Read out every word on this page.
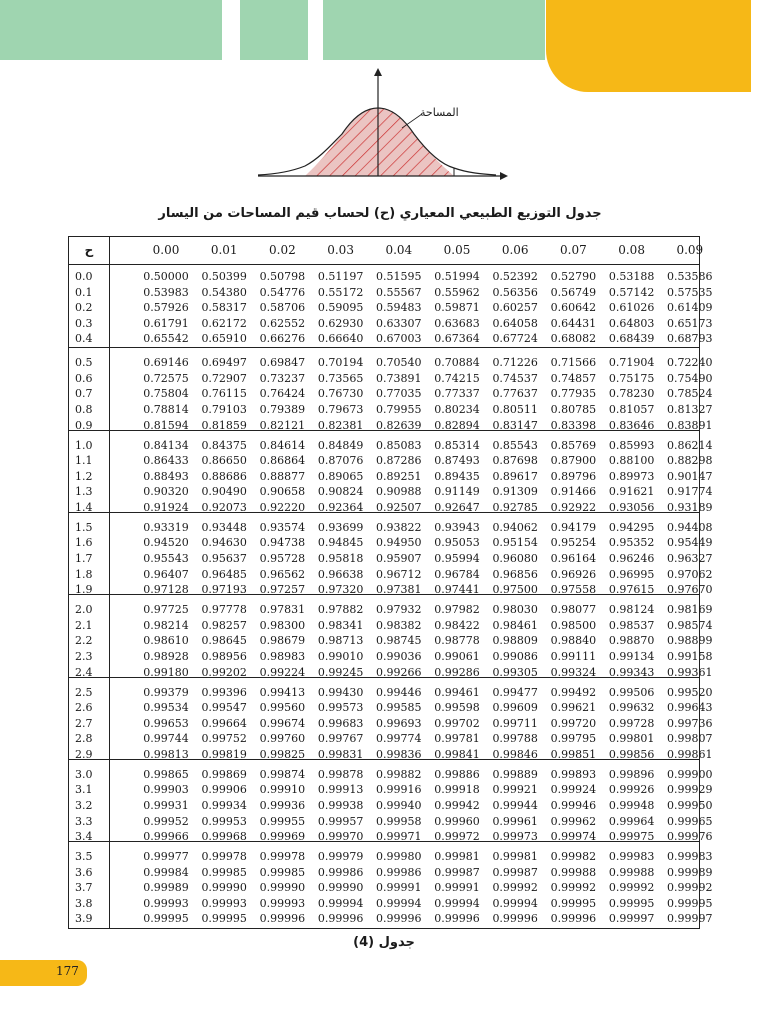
المساحة
جدول التوزيع الطبيعي المعياري (ح) لحساب قيم المساحات من اليسار
ح	0.00	0.01	0.02	0.03	0.04	0.05	0.06	0.07	0.08	0.09
0.0	0.50000	0.50399	0.50798	0.51197	0.51595	0.51994	0.52392	0.52790	0.53188	0.53586
0.1	0.53983	0.54380	0.54776	0.55172	0.55567	0.55962	0.56356	0.56749	0.57142	0.57535
0.2	0.57926	0.58317	0.58706	0.59095	0.59483	0.59871	0.60257	0.60642	0.61026	0.61409
0.3	0.61791	0.62172	0.62552	0.62930	0.63307	0.63683	0.64058	0.64431	0.64803	0.65173
0.4	0.65542	0.65910	0.66276	0.66640	0.67003	0.67364	0.67724	0.68082	0.68439	0.68793
0.5	0.69146	0.69497	0.69847	0.70194	0.70540	0.70884	0.71226	0.71566	0.71904	0.72240
0.6	0.72575	0.72907	0.73237	0.73565	0.73891	0.74215	0.74537	0.74857	0.75175	0.75490
0.7	0.75804	0.76115	0.76424	0.76730	0.77035	0.77337	0.77637	0.77935	0.78230	0.78524
0.8	0.78814	0.79103	0.79389	0.79673	0.79955	0.80234	0.80511	0.80785	0.81057	0.81327
0.9	0.81594	0.81859	0.82121	0.82381	0.82639	0.82894	0.83147	0.83398	0.83646	0.83891
1.0	0.84134	0.84375	0.84614	0.84849	0.85083	0.85314	0.85543	0.85769	0.85993	0.86214
1.1	0.86433	0.86650	0.86864	0.87076	0.87286	0.87493	0.87698	0.87900	0.88100	0.88298
1.2	0.88493	0.88686	0.88877	0.89065	0.89251	0.89435	0.89617	0.89796	0.89973	0.90147
1.3	0.90320	0.90490	0.90658	0.90824	0.90988	0.91149	0.91309	0.91466	0.91621	0.91774
1.4	0.91924	0.92073	0.92220	0.92364	0.92507	0.92647	0.92785	0.92922	0.93056	0.93189
1.5	0.93319	0.93448	0.93574	0.93699	0.93822	0.93943	0.94062	0.94179	0.94295	0.94408
1.6	0.94520	0.94630	0.94738	0.94845	0.94950	0.95053	0.95154	0.95254	0.95352	0.95449
1.7	0.95543	0.95637	0.95728	0.95818	0.95907	0.95994	0.96080	0.96164	0.96246	0.96327
1.8	0.96407	0.96485	0.96562	0.96638	0.96712	0.96784	0.96856	0.96926	0.96995	0.97062
1.9	0.97128	0.97193	0.97257	0.97320	0.97381	0.97441	0.97500	0.97558	0.97615	0.97670
2.0	0.97725	0.97778	0.97831	0.97882	0.97932	0.97982	0.98030	0.98077	0.98124	0.98169
2.1	0.98214	0.98257	0.98300	0.98341	0.98382	0.98422	0.98461	0.98500	0.98537	0.98574
2.2	0.98610	0.98645	0.98679	0.98713	0.98745	0.98778	0.98809	0.98840	0.98870	0.98899
2.3	0.98928	0.98956	0.98983	0.99010	0.99036	0.99061	0.99086	0.99111	0.99134	0.99158
2.4	0.99180	0.99202	0.99224	0.99245	0.99266	0.99286	0.99305	0.99324	0.99343	0.99361
2.5	0.99379	0.99396	0.99413	0.99430	0.99446	0.99461	0.99477	0.99492	0.99506	0.99520
2.6	0.99534	0.99547	0.99560	0.99573	0.99585	0.99598	0.99609	0.99621	0.99632	0.99643
2.7	0.99653	0.99664	0.99674	0.99683	0.99693	0.99702	0.99711	0.99720	0.99728	0.99736
2.8	0.99744	0.99752	0.99760	0.99767	0.99774	0.99781	0.99788	0.99795	0.99801	0.99807
2.9	0.99813	0.99819	0.99825	0.99831	0.99836	0.99841	0.99846	0.99851	0.99856	0.99861
3.0	0.99865	0.99869	0.99874	0.99878	0.99882	0.99886	0.99889	0.99893	0.99896	0.99900
3.1	0.99903	0.99906	0.99910	0.99913	0.99916	0.99918	0.99921	0.99924	0.99926	0.99929
3.2	0.99931	0.99934	0.99936	0.99938	0.99940	0.99942	0.99944	0.99946	0.99948	0.99950
3.3	0.99952	0.99953	0.99955	0.99957	0.99958	0.99960	0.99961	0.99962	0.99964	0.99965
3.4	0.99966	0.99968	0.99969	0.99970	0.99971	0.99972	0.99973	0.99974	0.99975	0.99976
3.5	0.99977	0.99978	0.99978	0.99979	0.99980	0.99981	0.99981	0.99982	0.99983	0.99983
3.6	0.99984	0.99985	0.99985	0.99986	0.99986	0.99987	0.99987	0.99988	0.99988	0.99989
3.7	0.99989	0.99990	0.99990	0.99990	0.99991	0.99991	0.99992	0.99992	0.99992	0.99992
3.8	0.99993	0.99993	0.99993	0.99994	0.99994	0.99994	0.99994	0.99995	0.99995	0.99995
3.9	0.99995	0.99995	0.99996	0.99996	0.99996	0.99996	0.99996	0.99996	0.99997	0.99997
جدول (4)
177
